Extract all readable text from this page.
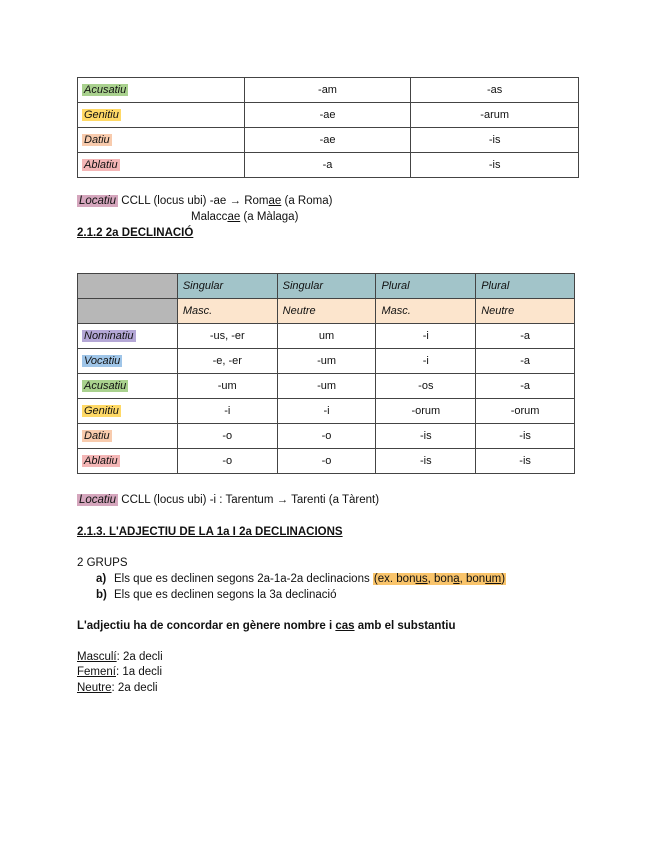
Acusatiu	-am	-as
Genitiu	-ae	-arum
Datiu	-ae	-is
Ablatiu	-a	-is
Locatiu CCLL (locus ubi) -ae → Romae (a Roma)
Malaccae (a Màlaga)
2.1.2 2a DECLINACIÓ
	Singular	Singular	Plural	Plural
	Masc.	Neutre	Masc.	Neutre
Nominatiu	-us, -er	um	-i	-a
Vocatiu	-e, -er	-um	-i	-a
Acusatiu	-um	-um	-os	-a
Genitiu	-i	-i	-orum	-orum
Datiu	-o	-o	-is	-is
Ablatiu	-o	-o	-is	-is
Locatiu CCLL (locus ubi) -i : Tarentum → Tarenti (a Tàrent)
2.1.3. L'ADJECTIU DE LA 1a I 2a DECLINACIONS
2 GRUPS
a) Els que es declinen segons 2a-1a-2a declinacions (ex. bonus, bona, bonum)
b) Els que es declinen segons la 3a declinació
L'adjectiu ha de concordar en gènere nombre i cas amb el substantiu
Masculí: 2a decli
Femení: 1a decli
Neutre: 2a decli
